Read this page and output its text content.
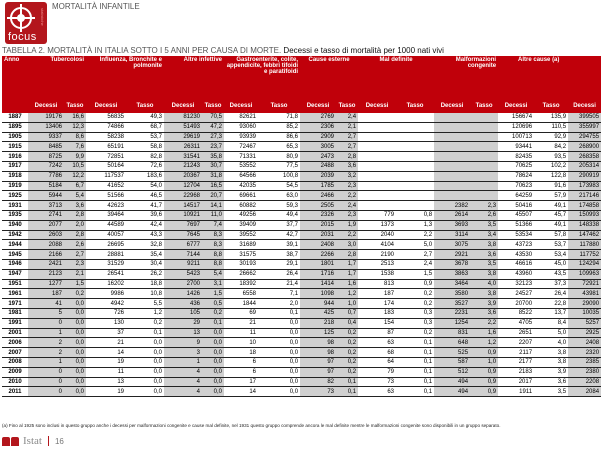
statistiche
focus
MORTALITÀ INFANTILE
TABELLA 2. MORTALITÀ IN ITALIA SOTTO I 5 ANNI PER CAUSA DI MORTE. Decessi e tasso di mortalità per 1000 nati vivi
Anno	Tubercolosi		Influenza, Bronchite e polmonite		Altre infettive		Gastroenterite, colite, appendicite, febbri tifoidi e paratifoidi		Cause esterne		Mal definite		Malformazioni congenite		Altre cause (a)		
	Decessi	Tasso	Decessi	Tasso	Decessi	Tasso	Decessi	Tasso	Decessi	Tasso	Decessi	Tasso	Decessi	Tasso	Decessi	Tasso	Decessi
1887	19176	16,6	56835	49,3	81230	70,5	82621	71,8	2769	2,4					156674	135,9	399505
1895	13406	12,3	74866	68,7	51493	47,2	93060	85,2	2306	2,1					120696	110,5	355997
1905	9337	8,6	58238	53,7	29619	27,3	93939	86,6	2909	2,7					100713	92,9	294755
1915	8485	7,6	65191	58,8	26311	23,7	72467	65,3	3005	2,7					93441	84,2	268900
1916	8725	9,9	72851	82,8	31541	35,8	71331	80,9	2473	2,8					82435	93,5	268358
1917	7242	10,5	50164	72,6	21243	30,7	53552	77,5	2488	3,6					70625	102,2	205314
1918	7786	12,2	117537	183,6	20367	31,8	64566	100,8	2039	3,2					78624	122,8	290919
1919	5184	6,7	41652	54,0	12704	16,5	42035	54,5	1785	2,3					70623	91,6	173983
1925	5944	5,4	51566	46,5	22968	20,7	69661	63,0	2466	2,2					64259	57,9	217146
1931	3713	3,6	42623	41,7	14517	14,1	60882	59,3	2505	2,4			2382	2,3	50416	49,1	174858
1935	2741	2,8	39464	39,6	10921	11,0	49256	49,4	2326	2,3	779	0,8	2614	2,6	45507	45,7	150993
1940	2077	2,0	44589	42,4	7697	7,4	39409	37,7	2015	1,9	1373	1,3	3693	3,5	51366	49,1	148338
1942	2603	2,8	40057	43,3	7645	8,3	39552	42,7	2031	2,2	2040	2,2	3114	3,4	53534	57,8	147462
1944	2088	2,6	26695	32,8	6777	8,3	31689	39,1	2408	3,0	4104	5,0	3075	3,8	43723	53,7	117880
1945	2166	2,7	28881	35,4	7144	8,8	31575	38,7	2266	2,8	2190	2,7	2921	3,6	43530	53,4	117752
1946	2421	2,3	31529	30,4	9211	8,8	30193	29,1	1801	1,7	2513	2,4	3678	3,5	46616	45,0	124294
1947	2123	2,1	26541	26,2	5423	5,4	26662	26,4	1716	1,7	1538	1,5	3863	3,8	43960	43,5	109963
1951	1277	1,5	16202	18,8	2700	3,1	18392	21,4	1414	1,6	813	0,9	3464	4,0	32123	37,3	72921
1961	187	0,2	9986	10,8	1426	1,5	6558	7,1	1098	1,2	187	0,2	3580	3,8	24527	26,4	43981
1971	41	0,0	4942	5,5	436	0,5	1844	2,0	944	1,0	174	0,2	3527	3,9	20700	22,8	29090
1981	5	0,0	726	1,2	105	0,2	69	0,1	425	0,7	183	0,3	2231	3,6	8522	13,7	10035
1991	0	0,0	130	0,2	29	0,1	21	0,0	218	0,4	154	0,3	1254	2,2	4705	8,4	5257
2001	1	0,0	37	0,1	13	0,0	11	0,0	125	0,2	87	0,2	831	1,6	2651	5,0	2925
2006	2	0,0	21	0,0	9	0,0	10	0,0	98	0,2	63	0,1	648	1,2	2207	4,0	2408
2007	2	0,0	14	0,0	3	0,0	18	0,0	98	0,2	68	0,1	525	0,9	2117	3,8	2320
2008	1	0,0	19	0,0	1	0,0	6	0,0	97	0,2	64	0,1	587	1,0	2177	3,8	2385
2009	0	0,0	11	0,0	4	0,0	6	0,0	97	0,2	79	0,1	512	0,9	2183	3,9	2380
2010	0	0,0	13	0,0	4	0,0	17	0,0	82	0,1	73	0,1	494	0,9	2017	3,6	2208
2011	0	0,0	19	0,0	4	0,0	14	0,0	73	0,1	63	0,1	494	0,9	1911	3,5	2084
(a) Fino al 1925 sono inclusi in questo gruppo anche i decessi per malformazioni congenite e cause mal definite, nel 1931 questo gruppo comprende ancora le mal definite mentre le malformazioni congenite sono disponibili in un gruppo separato.
Istat 16
